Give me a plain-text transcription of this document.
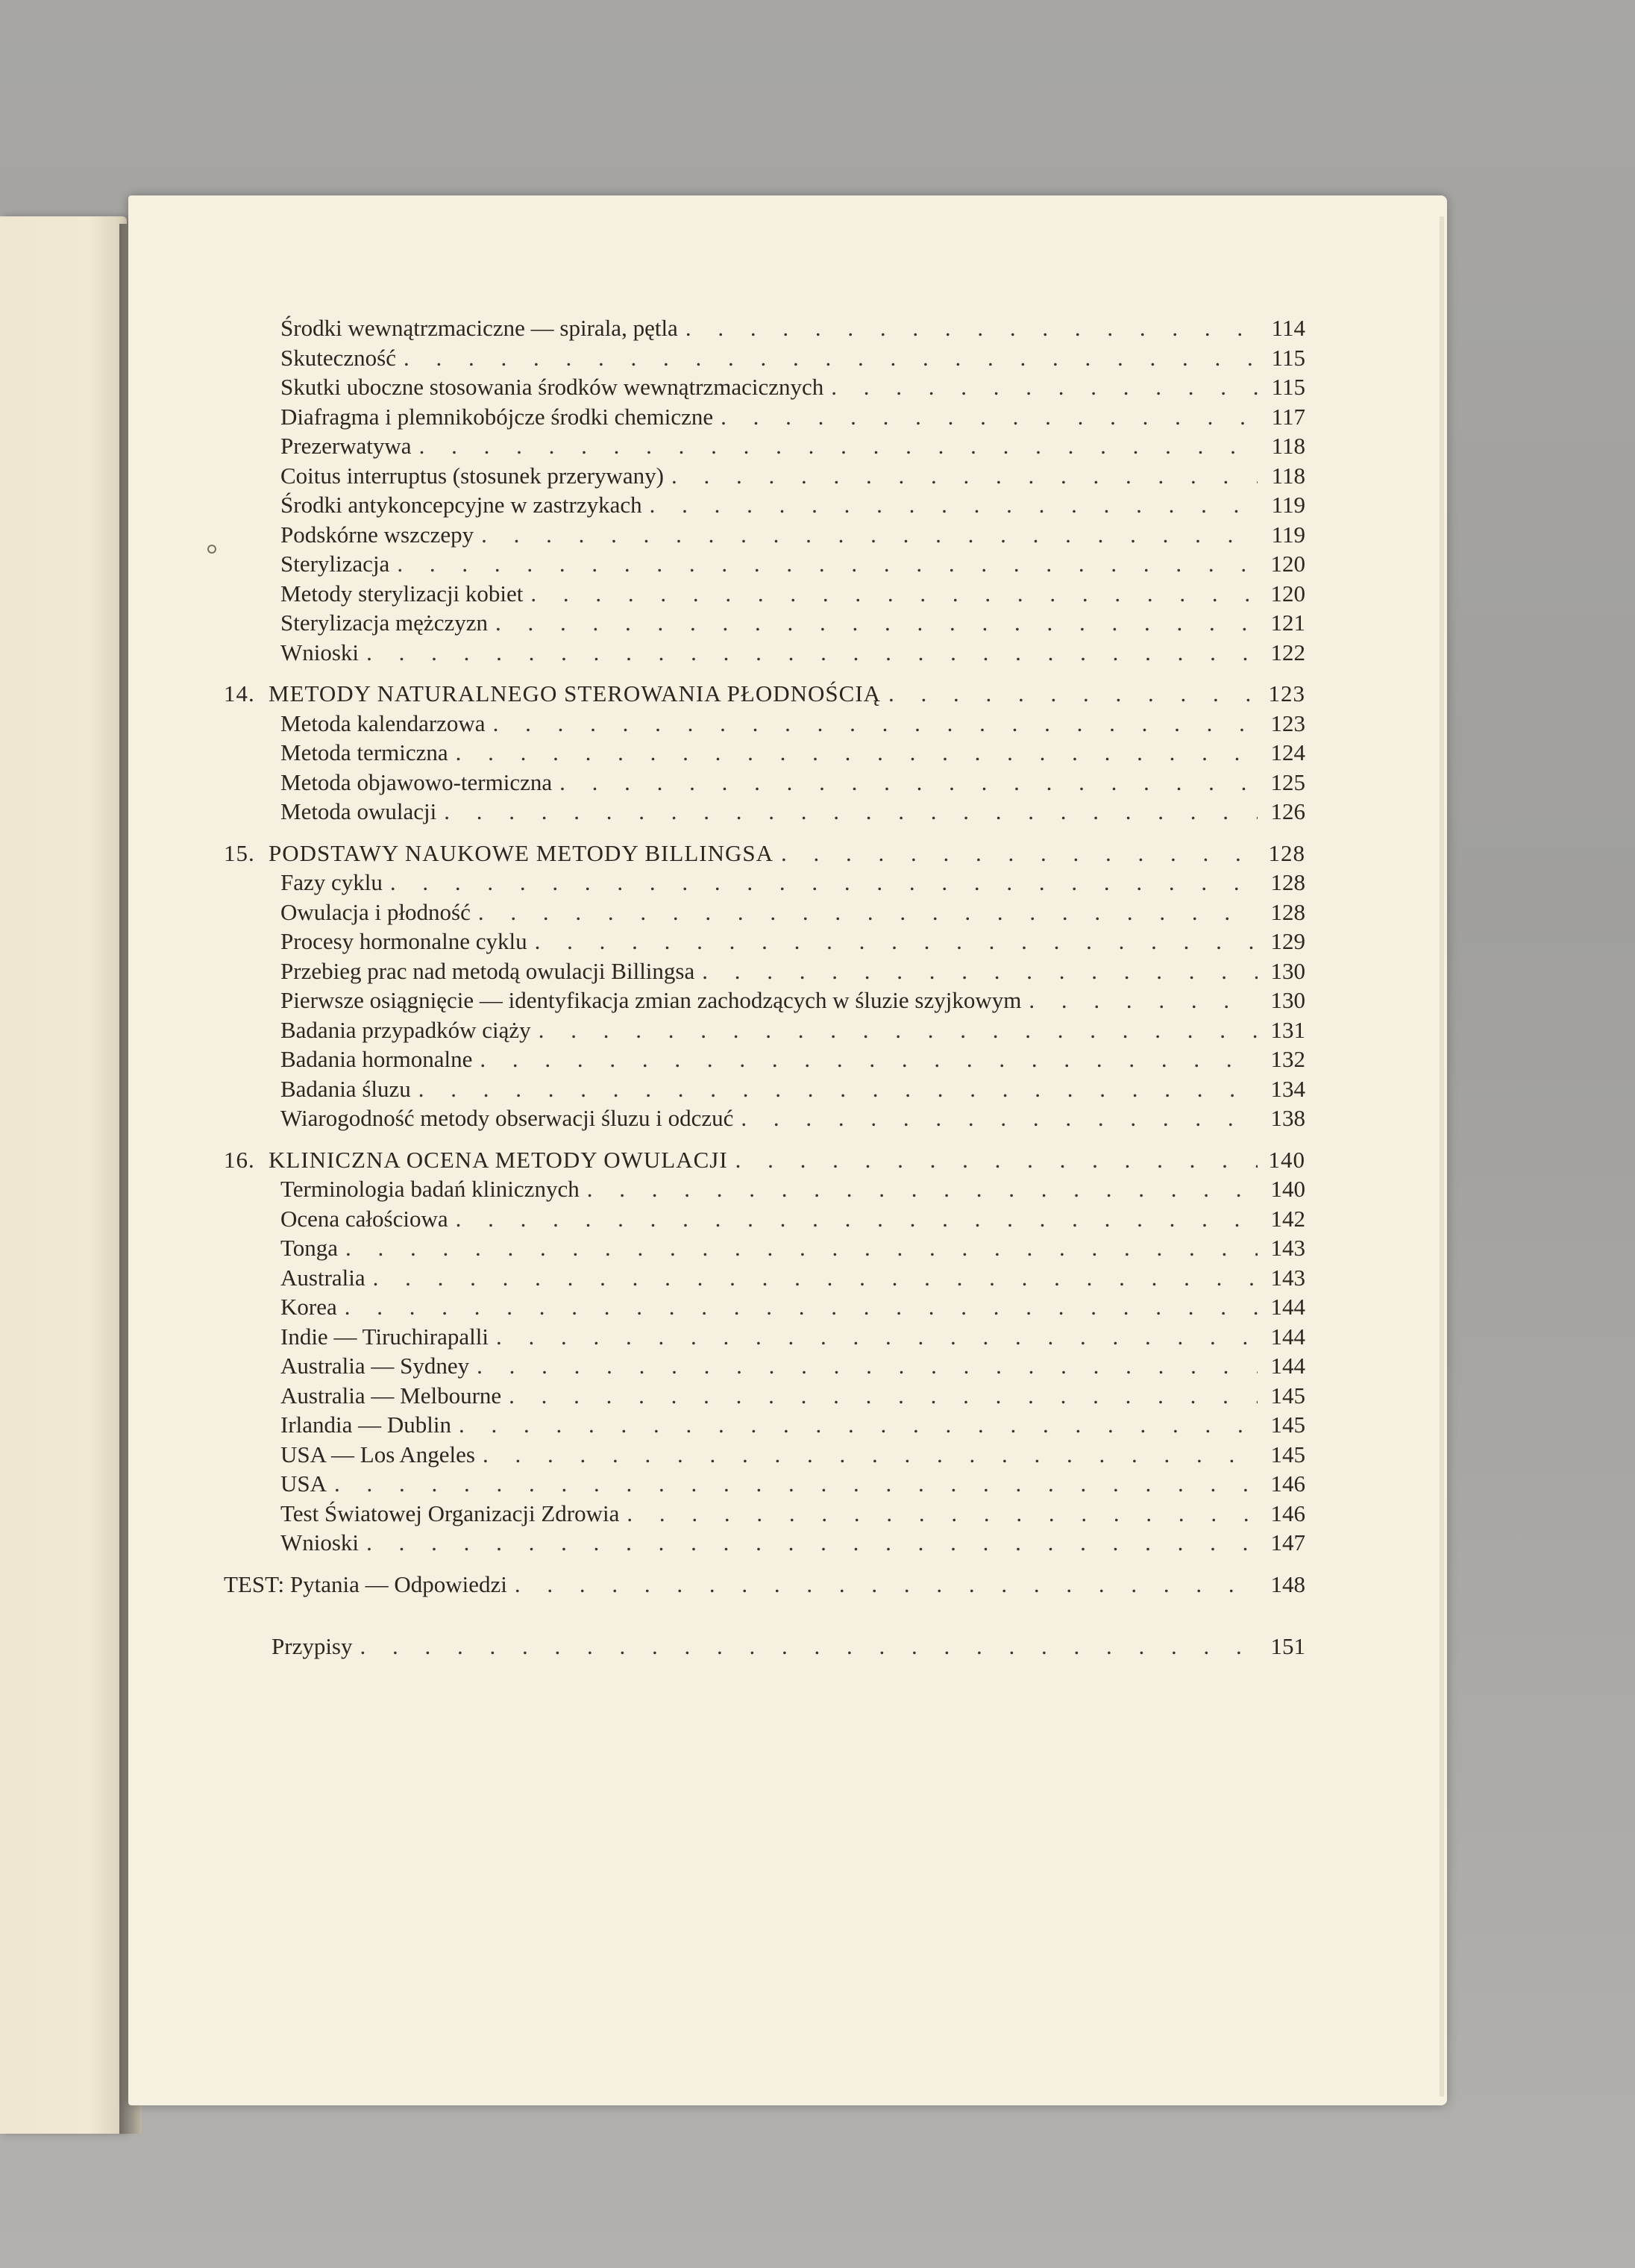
Środki wewnątrzmaciczne — spirala, pętla . . .	114
Skuteczność . . .	115
Skutki uboczne stosowania środków wewnątrzmacicznych . . .	115
Diafragma i plemnikobójcze środki chemiczne . . .	117
Prezerwatywa . . .	118
Coitus interruptus (stosunek przerywany) . . .	118
Środki antykoncepcyjne w zastrzykach . . .	119
Podskórne wszczepy . . .	119
Sterylizacja . . .	120
Metody sterylizacji kobiet . . .	120
Sterylizacja mężczyzn . . .	121
Wnioski . . .	122
14. METODY NATURALNEGO STEROWANIA PŁODNOŚCIĄ . . .	123
Metoda kalendarzowa . . .	123
Metoda termiczna . . .	124
Metoda objawowo-termiczna . . .	125
Metoda owulacji . . .	126
15. PODSTAWY NAUKOWE METODY BILLINGSA . . .	128
Fazy cyklu . . .	128
Owulacja i płodność . . .	128
Procesy hormonalne cyklu . . .	129
Przebieg prac nad metodą owulacji Billingsa . . .	130
Pierwsze osiągnięcie — identyfikacja zmian zachodzących w śluzie szyjkowym . . .	130
Badania przypadków ciąży . . .	131
Badania hormonalne . . .	132
Badania śluzu . . .	134
Wiarogodność metody obserwacji śluzu i odczuć . . .	138
16. KLINICZNA OCENA METODY OWULACJI . . .	140
Terminologia badań klinicznych . . .	140
Ocena całościowa . . .	142
Tonga . . .	143
Australia . . .	143
Korea . . .	144
Indie — Tiruchirapalli . . .	144
Australia — Sydney . . .	144
Australia — Melbourne . . .	145
Irlandia — Dublin . . .	145
USA — Los Angeles . . .	145
USA . . .	146
Test Światowej Organizacji Zdrowia . . .	146
Wnioski . . .	147
TEST: Pytania — Odpowiedzi . . .	148
Przypisy . . .	151
